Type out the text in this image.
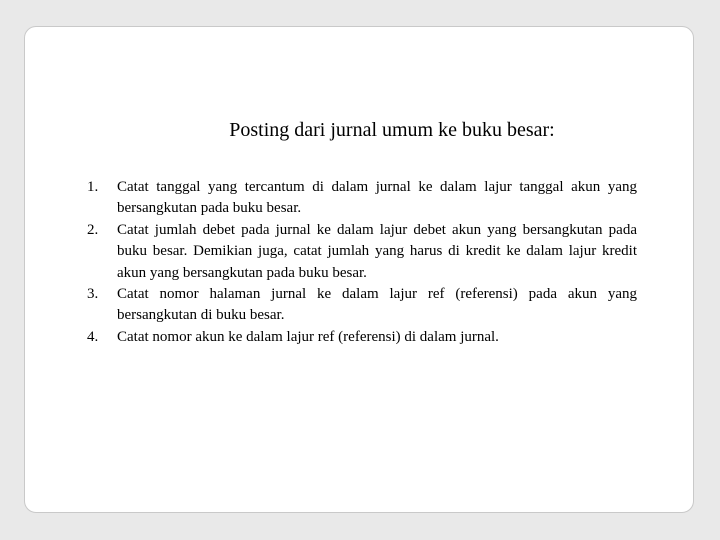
Posting dari jurnal umum ke buku besar:
1. Catat tanggal yang tercantum di dalam jurnal ke dalam lajur tanggal akun yang bersangkutan pada buku besar.
2. Catat jumlah debet pada jurnal ke dalam lajur debet akun yang bersangkutan pada buku besar. Demikian juga, catat jumlah yang harus di kredit ke dalam lajur kredit akun yang bersangkutan pada buku besar.
3. Catat nomor halaman jurnal ke dalam lajur ref (referensi) pada akun yang bersangkutan di buku besar.
4. Catat nomor akun ke dalam lajur ref (referensi) di dalam jurnal.
